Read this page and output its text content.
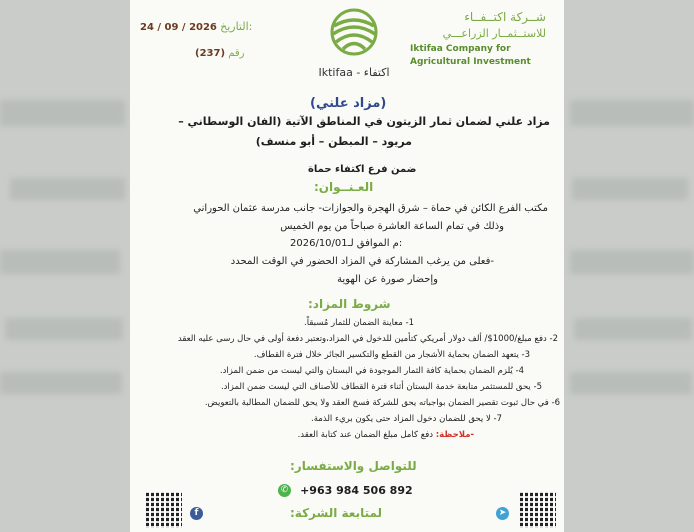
شــركة اكتــفــاء
للاستــثمــار الزراعـــي
Iktifaa Company for
Agricultural Investment
24 / 09 / 2026 التاريخ:
(237) رقم
Iktifaa - اكتفاء
(مزاد علني)
مزاد علني لضمان ثمار الزيتون في المناطق الآتية (الفان الوسطاني –
مريود – المبطن – أبو منسف)
ضمن فرع اكتفاء حماة
العـنــوان:
مكتب الفرع الكائن في حماة – شرق الهجرة والجوازات- جانب مدرسة عثمان الحوراني
وذلك في تمام الساعة العاشرة صباحاً من يوم الخميس
2026/10/01م الموافق لـ:
-فعلى من يرغب المشاركة في المزاد الحضور في الوقت المحدد
وإحضار صورة عن الهوية
شروط المزاد:
1- معاينة الضمان للثمار مُسبقاً.
2- دفع مبلغ/1000$/ ألف دولار أمريكي كتأمين للدخول في المزاد،وتعتبر دفعة أولى في حال رسى عليه العقد
3- يتعهد الضمان بحماية الأشجار من القطع والتكسير الجائر خلال فترة القطاف.
4- يُلزم الضمان بحماية كافة الثمار الموجودة في البستان والتي ليست من ضمن المزاد.
5- يحق للمستثمر متابعة خدمة البستان أثناء فترة القطاف للأصناف التي ليست ضمن المزاد.
6- في حال ثبوت تقصير الضمان بواجباته يحق للشركة فسخ العقد ولا يحق للضمان المطالبة بالتعويض.
7- لا يحق للضمان دخول المزاد حتى يكون بريء الذمة.
-ملاحظة: دفع كامل مبلغ الضمان عند كتابة العقد.
للتواصل والاستفسار:
✆ +963 984 506 892
لمتابعة الشركة:
f	➤
